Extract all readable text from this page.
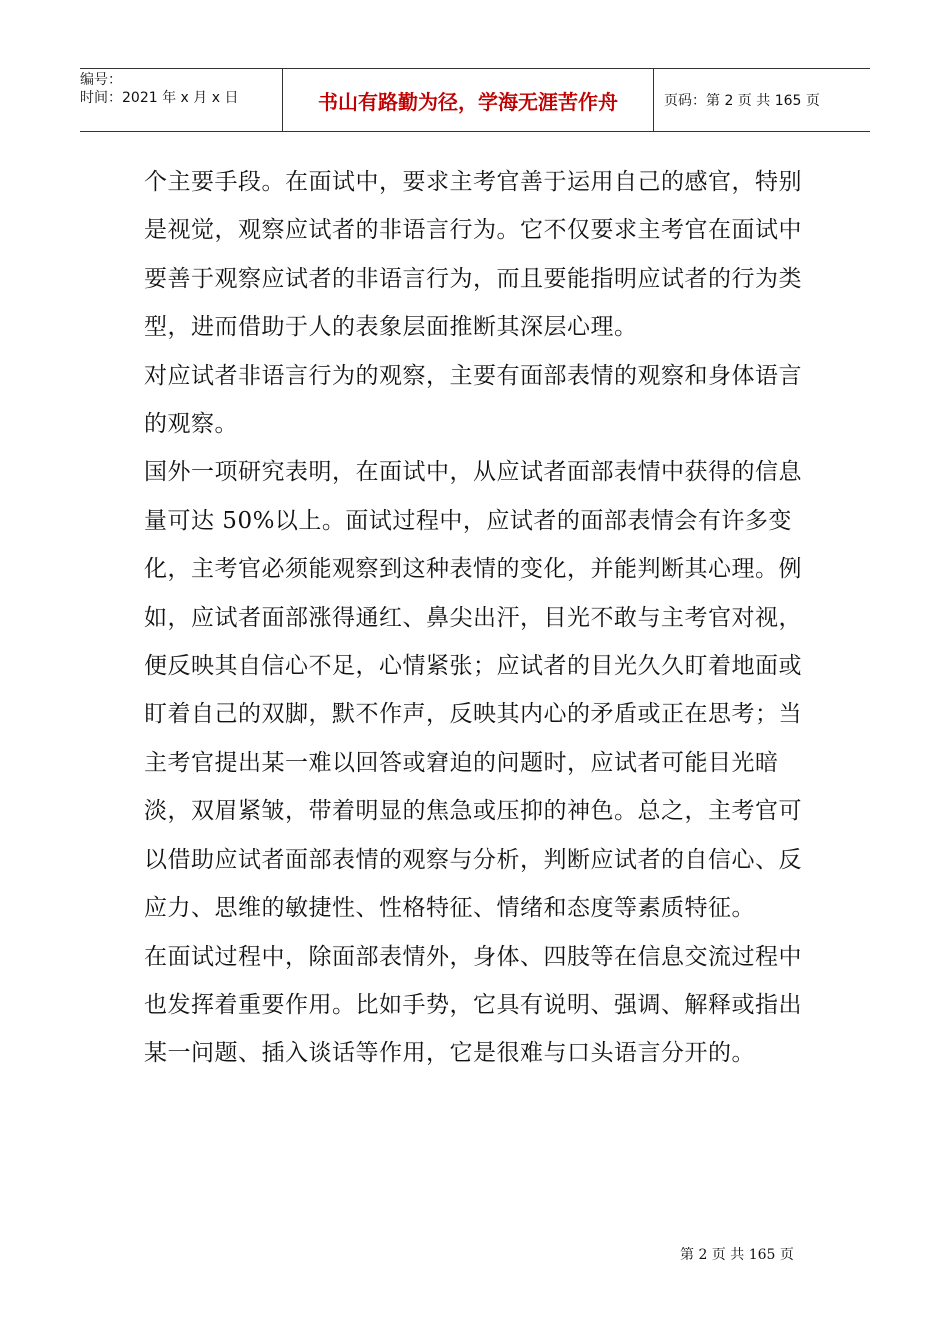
编号：
时间：2021 年 x 月 x 日	书山有路勤为径，学海无涯苦作舟	页码：第 2 页 共 165 页

个主要手段。在面试中，要求主考官善于运用自己的感官，特别是视觉，观察应试者的非语言行为。它不仅要求主考官在面试中要善于观察应试者的非语言行为，而且要能指明应试者的行为类型，进而借助于人的表象层面推断其深层心理。

对应试者非语言行为的观察，主要有面部表情的观察和身体语言的观察。

国外一项研究表明，在面试中，从应试者面部表情中获得的信息量可达 50%以上。面试过程中，应试者的面部表情会有许多变化，主考官必须能观察到这种表情的变化，并能判断其心理。例如，应试者面部涨得通红、鼻尖出汗，目光不敢与主考官对视，便反映其自信心不足，心情紧张；应试者的目光久久盯着地面或盯着自己的双脚，默不作声，反映其内心的矛盾或正在思考；当主考官提出某一难以回答或窘迫的问题时，应试者可能目光暗淡，双眉紧皱，带着明显的焦急或压抑的神色。总之，主考官可以借助应试者面部表情的观察与分析，判断应试者的自信心、反应力、思维的敏捷性、性格特征、情绪和态度等素质特征。

在面试过程中，除面部表情外，身体、四肢等在信息交流过程中也发挥着重要作用。比如手势，它具有说明、强调、解释或指出某一问题、插入谈话等作用，它是很难与口头语言分开的。

第 2 页 共 165 页
